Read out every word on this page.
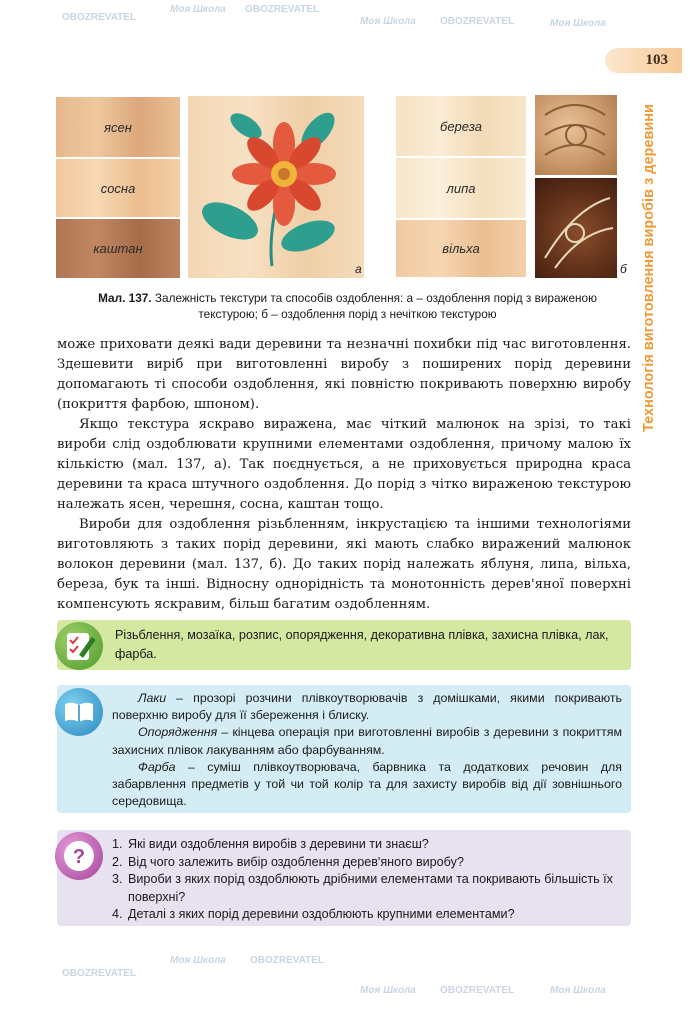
103
Технологія виготовлення виробів з деревини
ясен
сосна
каштан
а
береза
липа
вільха
б
Мал. 137. Залежність текстури та способів оздоблення: а – оздоблення порід з вираженою текстурою; б – оздоблення порід з нечіткою текстурою

може приховати деякі вади деревини та незначні похибки під час виготовлення. Здешевити виріб при виготовленні виробу з поширених порід деревини допомагають ті способи оздоблення, які повністю покривають поверхню виробу (покриття фарбою, шпоном).

Якщо текстура яскраво виражена, має чіткий малюнок на зрізі, то такі вироби слід оздоблювати крупними елементами оздоблення, причому малою їх кількістю (мал. 137, а). Так поєднується, а не приховується природна краса деревини та краса штучного оздоблення. До порід з чітко вираженою текстурою належать ясен, черешня, сосна, каштан тощо.

Вироби для оздоблення різьбленням, інкрустацією та іншими технологіями виготовляють з таких порід деревини, які мають слабко виражений малюнок волокон деревини (мал. 137, б). До таких порід належать яблуня, липа, вільха, береза, бук та інші. Відносну однорідність та монотонність дерев'яної поверхні компенсують яскравим, більш багатим оздобленням.

Різьблення, мозаїка, розпис, опорядження, декоративна плівка, захисна плівка, лак, фарба.

Лаки – прозорі розчини плівкоутворювачів з домішками, якими покривають поверхню виробу для її збереження і блиску.

Опорядження – кінцева операція при виготовленні виробів з деревини з покриттям захисних плівок лакуванням або фарбуванням.

Фарба – суміш плівкоутворювача, барвника та додаткових речовин для забарвлення предметів у той чи той колір та для захисту виробів від дії зовнішнього середовища.

?
1. Які види оздоблення виробів з деревини ти знаєш?
2. Від чого залежить вибір оздоблення дерев'яного виробу?
3. Вироби з яких порід оздоблюють дрібними елементами та покривають більшість їх поверхні?
4. Деталі з яких порід деревини оздоблюють крупними елементами?
Моя Школа OBOZREVATEL
Моя Школа OBOZREVATEL	Моя Школа
OBOZREVATEL
Моя Школа OBOZREVATEL
Моя Школа OBOZREVATEL
OBOZREVATEL
Моя Школа
